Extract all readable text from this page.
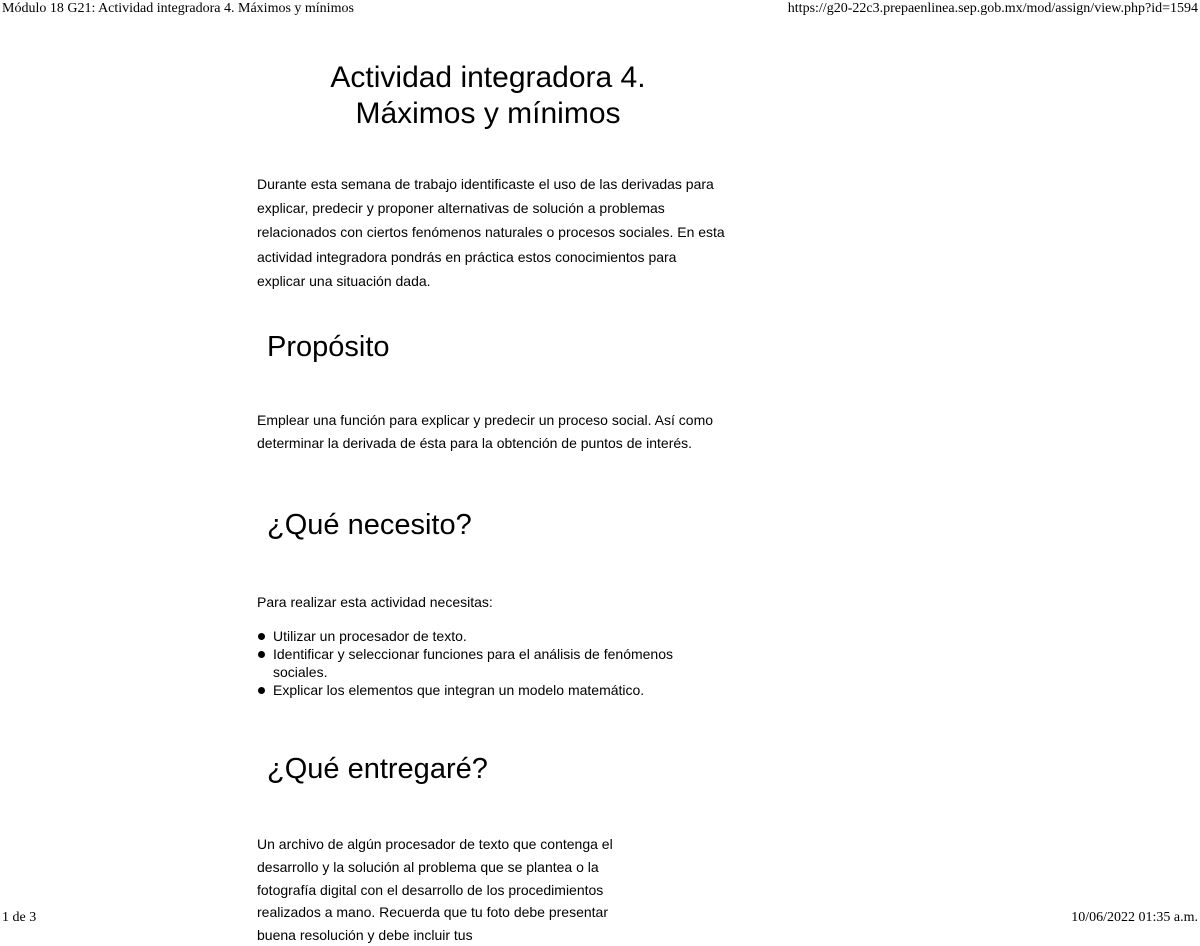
Módulo 18 G21: Actividad integradora 4. Máximos y mínimos	https://g20-22c3.prepaenlinea.sep.gob.mx/mod/assign/view.php?id=1594
Actividad integradora 4.
Máximos y mínimos

Durante esta semana de trabajo identificaste el uso de las derivadas para explicar, predecir y proponer alternativas de solución a problemas relacionados con ciertos fenómenos naturales o procesos sociales. En esta actividad integradora pondrás en práctica estos conocimientos para explicar una situación dada.

Propósito

Emplear una función para explicar y predecir un proceso social. Así como determinar la derivada de ésta para la obtención de puntos de interés.

¿Qué necesito?

Para realizar esta actividad necesitas:

Utilizar un procesador de texto.
Identificar y seleccionar funciones para el análisis de fenómenos sociales.
Explicar los elementos que integran un modelo matemático.
¿Qué entregaré?

Un archivo de algún procesador de texto que contenga el desarrollo y la solución al problema que se plantea o la fotografía digital con el desarrollo de los procedimientos realizados a mano. Recuerda que tu foto debe presentar buena resolución y debe incluir tus

1 de 3	10/06/2022 01:35 a.m.
